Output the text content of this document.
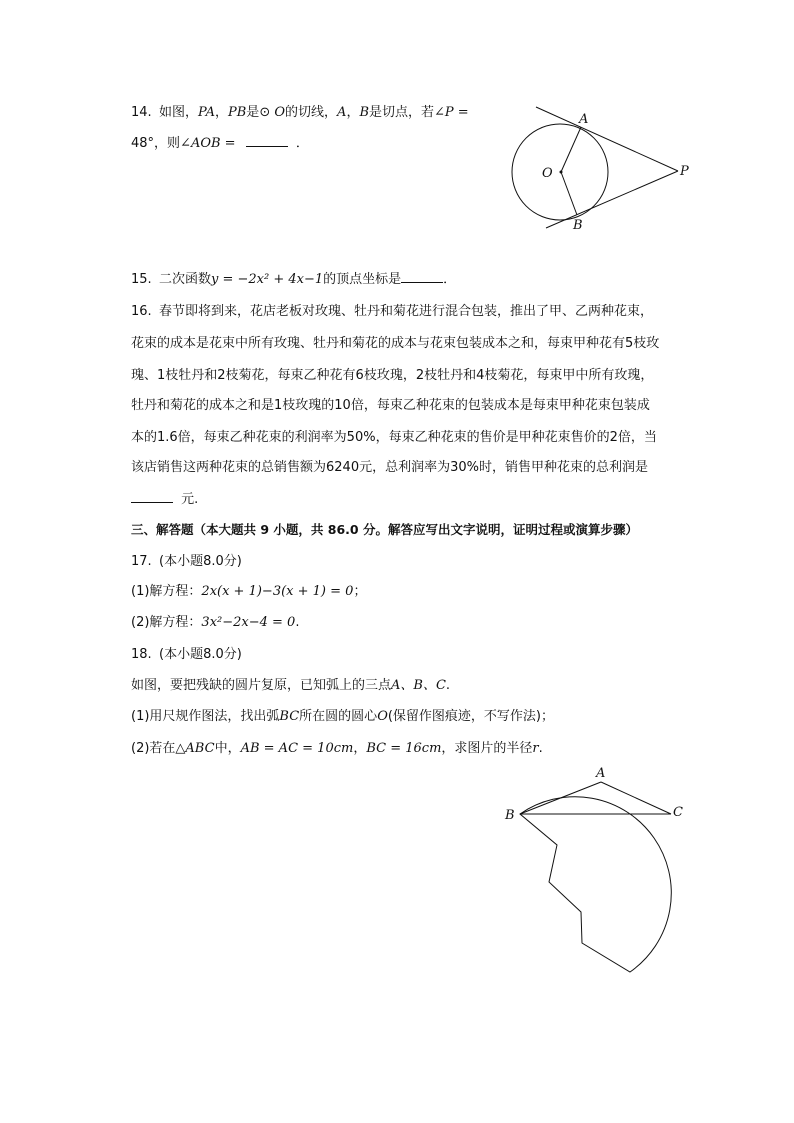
14. 如图，PA，PB是⊙ O的切线，A，B是切点，若∠P =
48°，则∠AOB =	．
A
O	P
B
15. 二次函数y = −2x² + 4x−1的顶点坐标是	．
16. 春节即将到来，花店老板对玫瑰、牡丹和菊花进行混合包装，推出了甲、乙两种花束，
花束的成本是花束中所有玫瑰、牡丹和菊花的成本与花束包装成本之和，每束甲种花有5枝玫
瑰、1枝牡丹和2枝菊花，每束乙种花有6枝玫瑰，2枝牡丹和4枝菊花，每束甲中所有玫瑰，
牡丹和菊花的成本之和是1枝玫瑰的10倍，每束乙种花束的包装成本是每束甲种花束包装成
本的1.6倍，每束乙种花束的利润率为50%，每束乙种花束的售价是甲种花束售价的2倍，当
该店销售这两种花束的总销售额为6240元，总利润率为30%时，销售甲种花束的总利润是
元.
三、解答题（本大题共 9 小题，共 86.0 分。解答应写出文字说明，证明过程或演算步骤）
17. (本小题8.0分)
(1)解方程：2x(x + 1)−3(x + 1) = 0；
(2)解方程：3x²−2x−4 = 0.
18. (本小题8.0分)
如图，要把残缺的圆片复原，已知弧上的三点A、B、C.
(1)用尺规作图法，找出弧BC所在圆的圆心O(保留作图痕迹，不写作法)；
(2)若在△ABC中，AB = AC = 10cm，BC = 16cm，求图片的半径r.
A
B	C
